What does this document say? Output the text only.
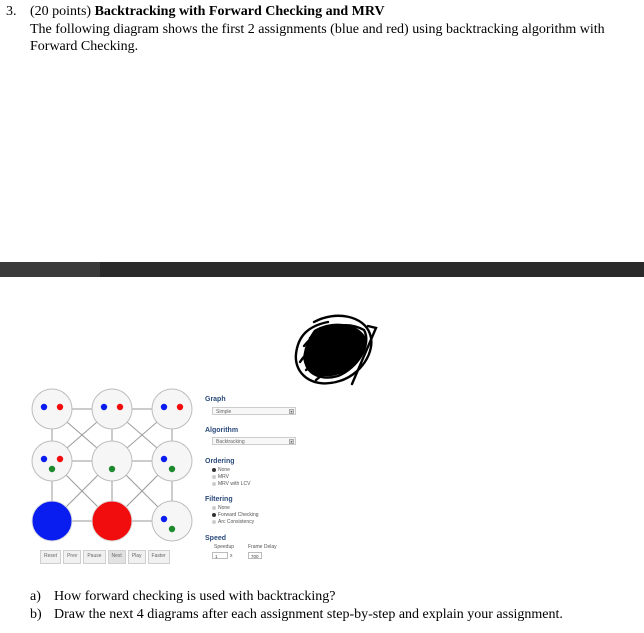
3. (20 points) Backtracking with Forward Checking and MRV
The following diagram shows the first 2 assignments (blue and red) using backtracking algorithm with Forward Checking.
Reset	Prev	Pause	Next	Play	Faster
Graph
Simple	▾
Algorithm
Backtracking	▾
Ordering
None
MRV
MRV with LCV
Filtering
None
Forward Checking
Arc Consistency
Speed
Speedup	Frame Delay
1	x	700
a) How forward checking is used with backtracking?
b) Draw the next 4 diagrams after each assignment step-by-step and explain your assignment.
